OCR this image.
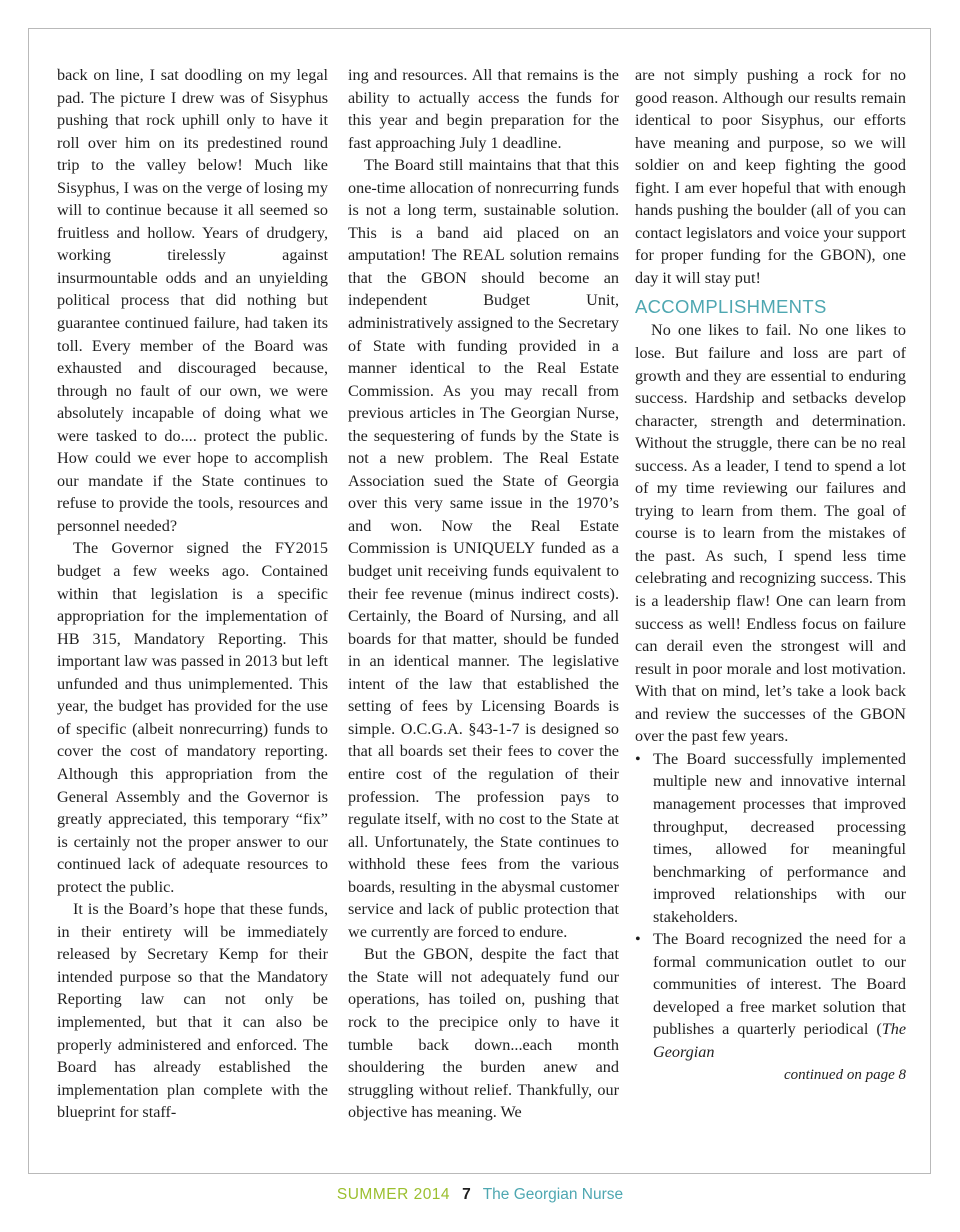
back on line, I sat doodling on my legal pad. The picture I drew was of Sisyphus pushing that rock uphill only to have it roll over him on its predestined round trip to the valley below! Much like Sisyphus, I was on the verge of losing my will to continue because it all seemed so fruitless and hollow. Years of drudgery, working tirelessly against insurmountable odds and an unyielding political process that did nothing but guarantee continued failure, had taken its toll. Every member of the Board was exhausted and discouraged because, through no fault of our own, we were absolutely incapable of doing what we were tasked to do.... protect the public. How could we ever hope to accomplish our mandate if the State continues to refuse to provide the tools, resources and personnel needed?

The Governor signed the FY2015 budget a few weeks ago. Contained within that legislation is a specific appropriation for the implementation of HB 315, Mandatory Reporting. This important law was passed in 2013 but left unfunded and thus unimplemented. This year, the budget has provided for the use of specific (albeit nonrecurring) funds to cover the cost of mandatory reporting. Although this appropriation from the General Assembly and the Governor is greatly appreciated, this temporary “fix” is certainly not the proper answer to our continued lack of adequate resources to protect the public.

It is the Board’s hope that these funds, in their entirety will be immediately released by Secretary Kemp for their intended purpose so that the Mandatory Reporting law can not only be implemented, but that it can also be properly administered and enforced. The Board has already established the implementation plan complete with the blueprint for staff-

ing and resources. All that remains is the ability to actually access the funds for this year and begin preparation for the fast approaching July 1 deadline.

The Board still maintains that that this one-time allocation of nonrecurring funds is not a long term, sustainable solution. This is a band aid placed on an amputation! The REAL solution remains that the GBON should become an independent Budget Unit, administratively assigned to the Secretary of State with funding provided in a manner identical to the Real Estate Commission. As you may recall from previous articles in The Georgian Nurse, the sequestering of funds by the State is not a new problem. The Real Estate Association sued the State of Georgia over this very same issue in the 1970’s and won. Now the Real Estate Commission is UNIQUELY funded as a budget unit receiving funds equivalent to their fee revenue (minus indirect costs). Certainly, the Board of Nursing, and all boards for that matter, should be funded in an identical manner. The legislative intent of the law that established the setting of fees by Licensing Boards is simple. O.C.G.A. §43-1-7 is designed so that all boards set their fees to cover the entire cost of the regulation of their profession. The profession pays to regulate itself, with no cost to the State at all. Unfortunately, the State continues to withhold these fees from the various boards, resulting in the abysmal customer service and lack of public protection that we currently are forced to endure.

But the GBON, despite the fact that the State will not adequately fund our operations, has toiled on, pushing that rock to the precipice only to have it tumble back down...each month shouldering the burden anew and struggling without relief. Thankfully, our objective has meaning. We

are not simply pushing a rock for no good reason. Although our results remain identical to poor Sisyphus, our efforts have meaning and purpose, so we will soldier on and keep fighting the good fight. I am ever hopeful that with enough hands pushing the boulder (all of you can contact legislators and voice your support for proper funding for the GBON), one day it will stay put!

ACCOMPLISHMENTS

No one likes to fail. No one likes to lose. But failure and loss are part of growth and they are essential to enduring success. Hardship and setbacks develop character, strength and determination. Without the struggle, there can be no real success. As a leader, I tend to spend a lot of my time reviewing our failures and trying to learn from them. The goal of course is to learn from the mistakes of the past. As such, I spend less time celebrating and recognizing success. This is a leadership flaw! One can learn from success as well! Endless focus on failure can derail even the strongest will and result in poor morale and lost motivation. With that on mind, let’s take a look back and review the successes of the GBON over the past few years.

• The Board successfully implemented multiple new and innovative internal management processes that improved throughput, decreased processing times, allowed for meaningful benchmarking of performance and improved relationships with our stakeholders.
• The Board recognized the need for a formal communication outlet to our communities of interest. The Board developed a free market solution that publishes a quarterly periodical (The Georgian

continued on page 8

SUMMER 2014 7 The Georgian Nurse
